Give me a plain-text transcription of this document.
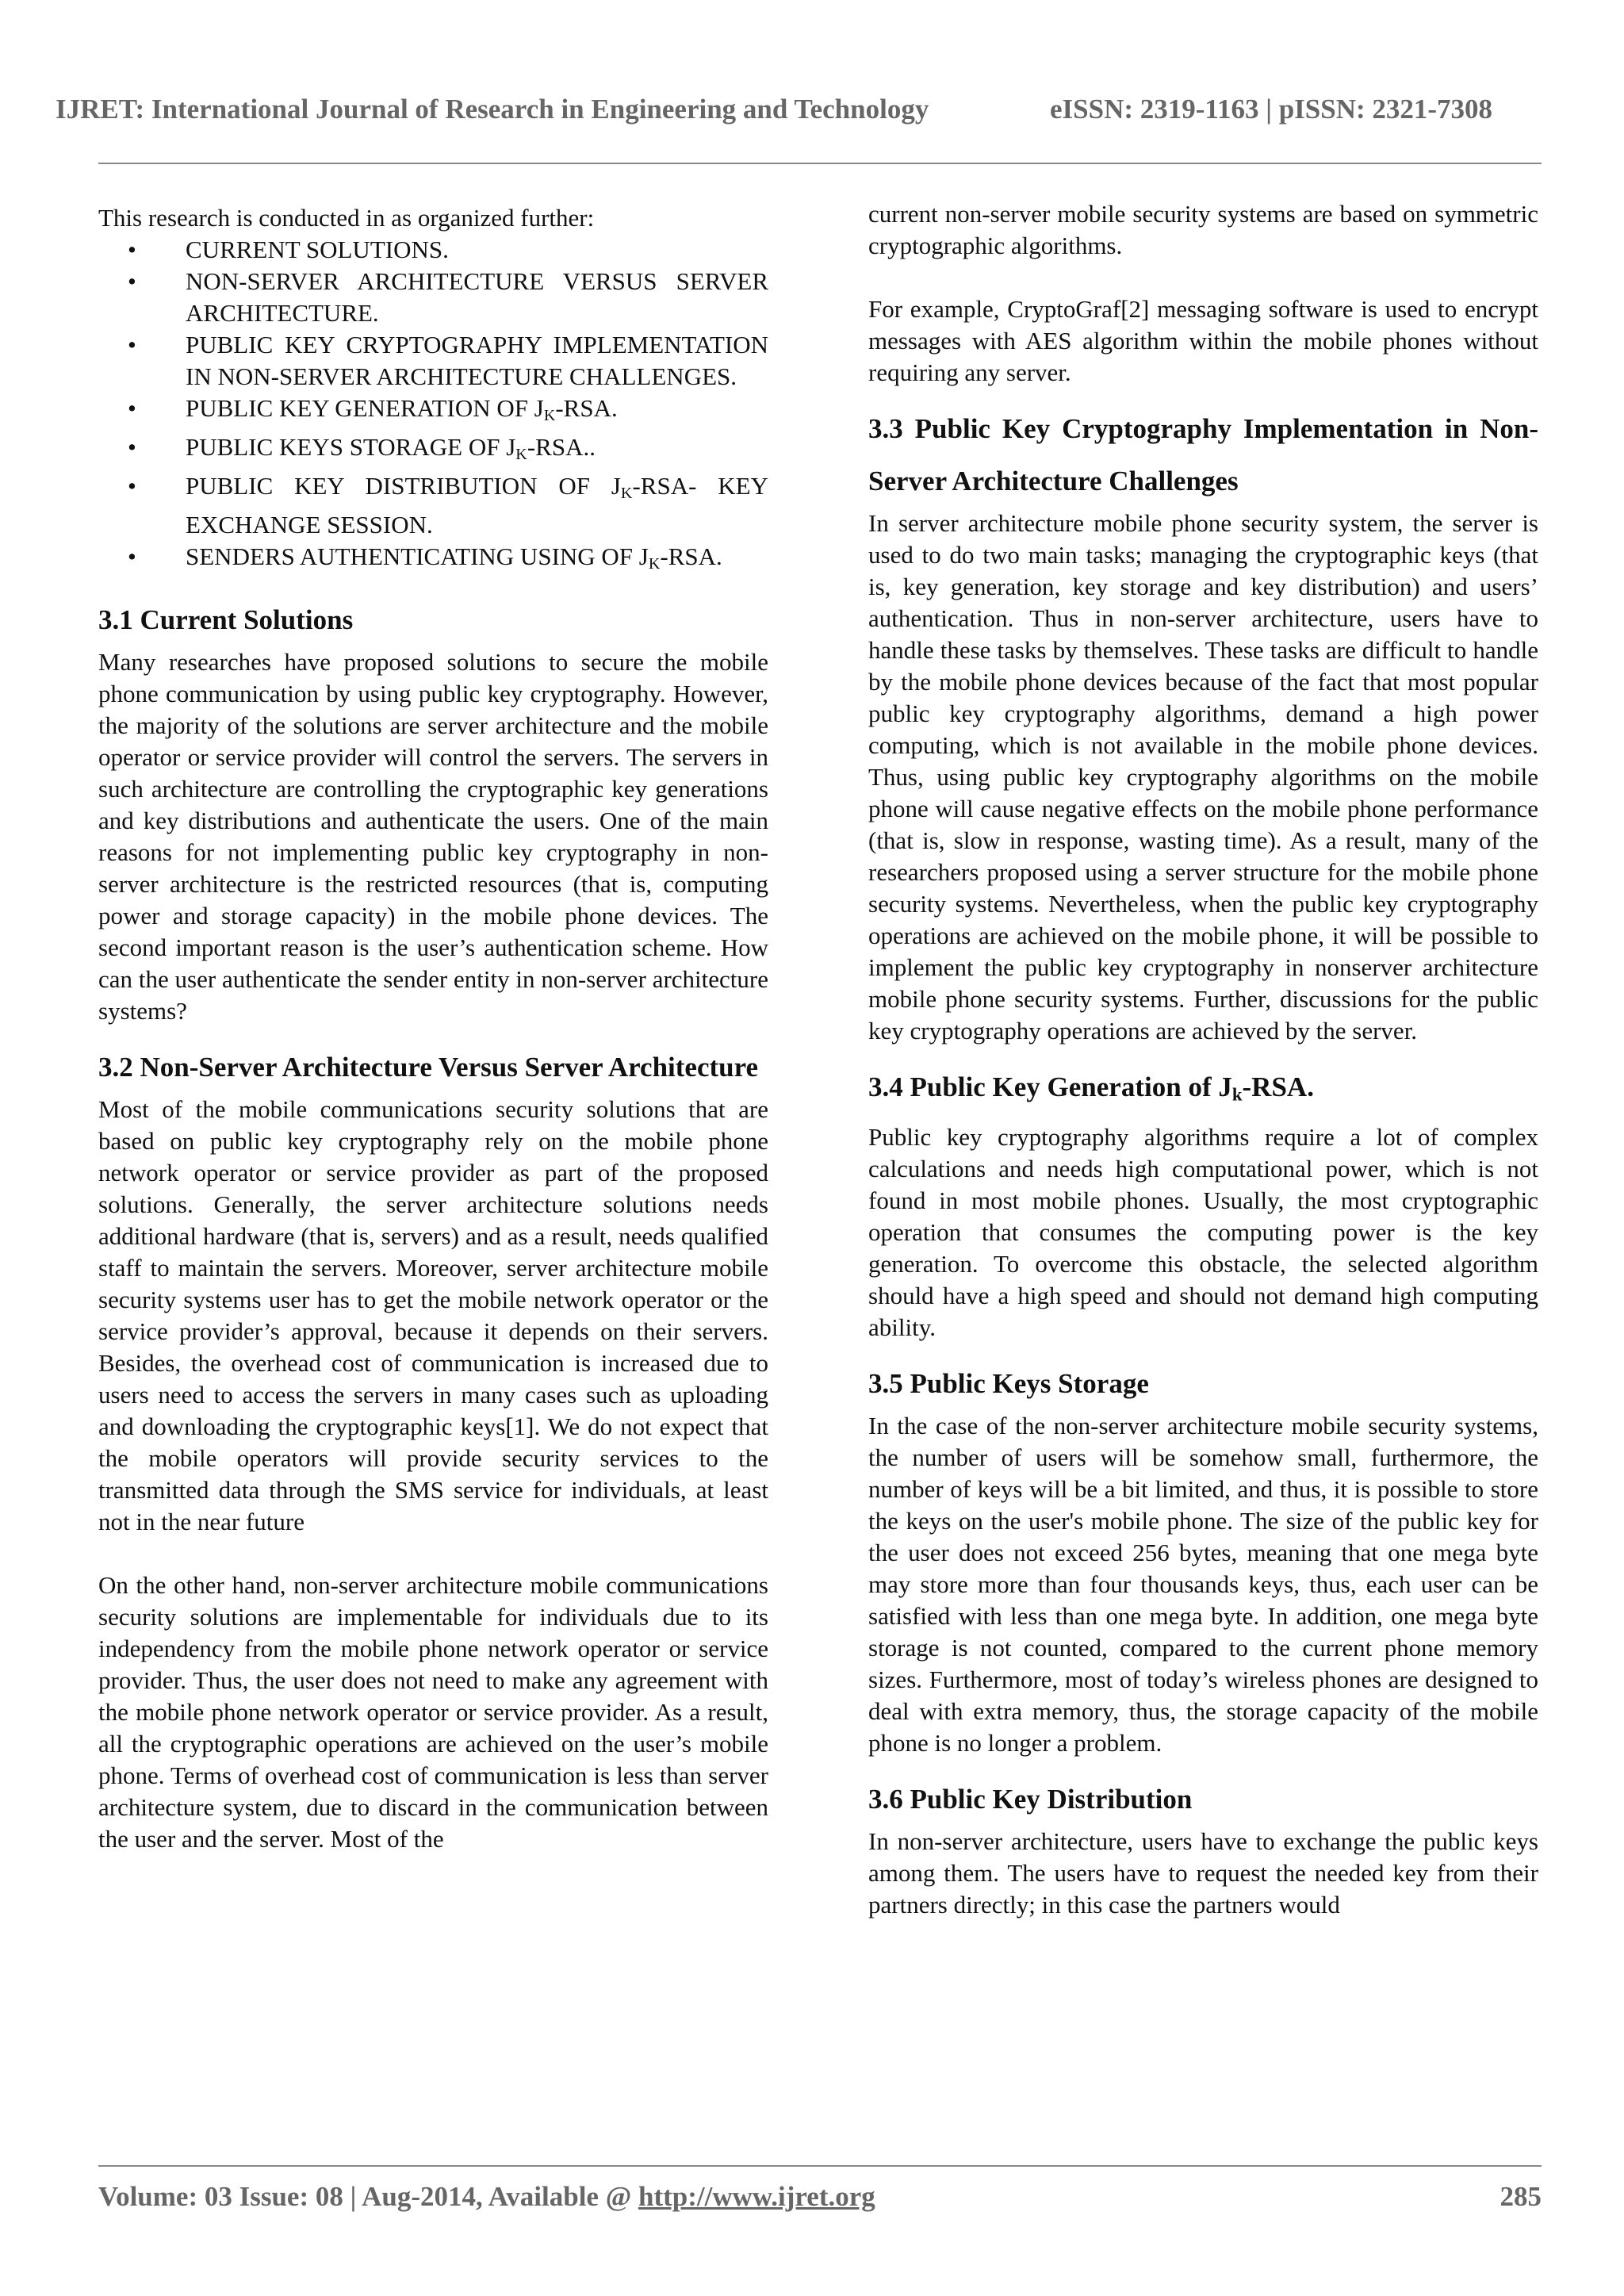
IJRET: International Journal of Research in Engineering and Technology	eISSN: 2319-1163 | pISSN: 2321-7308

This research is conducted in as organized further:

• CURRENT SOLUTIONS.
• NON-SERVER ARCHITECTURE VERSUS SERVER ARCHITECTURE.
• PUBLIC KEY CRYPTOGRAPHY IMPLEMENTATION IN NON-SERVER ARCHITECTURE CHALLENGES.
• PUBLIC KEY GENERATION OF $J_K$-RSA.
• PUBLIC KEYS STORAGE OF $J_K$-RSA..
• PUBLIC KEY DISTRIBUTION OF $J_K-RSA-$ KEY EXCHANGE SESSION.
• SENDERS AUTHENTICATING USING OF $J_K$-RSA.
3.1 Current Solutions

Many researches have proposed solutions to secure the mobile phone communication by using public key cryptography. However, the majority of the solutions are server architecture and the mobile operator or service provider will control the servers. The servers in such architecture are controlling the cryptographic key generations and key distributions and authenticate the users. One of the main reasons for not implementing public key cryptography in non-server architecture is the restricted resources (that is, computing power and storage capacity) in the mobile phone devices. The second important reason is the user’s authentication scheme. How can the user authenticate the sender entity in non-server architecture systems?

3.2 Non-Server Architecture Versus Server Architecture

Most of the mobile communications security solutions that are based on public key cryptography rely on the mobile phone network operator or service provider as part of the proposed solutions. Generally, the server architecture solutions needs additional hardware (that is, servers) and as a result, needs qualified staff to maintain the servers. Moreover, server architecture mobile security systems user has to get the mobile network operator or the service provider’s approval, because it depends on their servers. Besides, the overhead cost of communication is increased due to users need to access the servers in many cases such as uploading and downloading the cryptographic keys[1]. We do not expect that the mobile operators will provide security services to the transmitted data through the SMS service for individuals, at least not in the near future

On the other hand, non-server architecture mobile communications security solutions are implementable for individuals due to its independency from the mobile phone network operator or service provider. Thus, the user does not need to make any agreement with the mobile phone network operator or service provider. As a result, all the cryptographic operations are achieved on the user’s mobile phone. Terms of overhead cost of communication is less than server architecture system, due to discard in the communication between the user and the server. Most of the

current non-server mobile security systems are based on symmetric cryptographic algorithms.

For example, CryptoGraf[2] messaging software is used to encrypt messages with AES algorithm within the mobile phones without requiring any server.

3.3 Public Key Cryptography Implementation in Non-Server Architecture Challenges

In server architecture mobile phone security system, the server is used to do two main tasks; managing the cryptographic keys (that is, key generation, key storage and key distribution) and users’ authentication. Thus in non-server architecture, users have to handle these tasks by themselves. These tasks are difficult to handle by the mobile phone devices because of the fact that most popular public key cryptography algorithms, demand a high power computing, which is not available in the mobile phone devices. Thus, using public key cryptography algorithms on the mobile phone will cause negative effects on the mobile phone performance (that is, slow in response, wasting time). As a result, many of the researchers proposed using a server structure for the mobile phone security systems. Nevertheless, when the public key cryptography operations are achieved on the mobile phone, it will be possible to implement the public key cryptography in nonserver architecture mobile phone security systems. Further, discussions for the public key cryptography operations are achieved by the server.

3.4 Public Key Generation of $J_k$-RSA.

Public key cryptography algorithms require a lot of complex calculations and needs high computational power, which is not found in most mobile phones. Usually, the most cryptographic operation that consumes the computing power is the key generation. To overcome this obstacle, the selected algorithm should have a high speed and should not demand high computing ability.

3.5 Public Keys Storage

In the case of the non-server architecture mobile security systems, the number of users will be somehow small, furthermore, the number of keys will be a bit limited, and thus, it is possible to store the keys on the user's mobile phone. The size of the public key for the user does not exceed 256 bytes, meaning that one mega byte may store more than four thousands keys, thus, each user can be satisfied with less than one mega byte. In addition, one mega byte storage is not counted, compared to the current phone memory sizes. Furthermore, most of today’s wireless phones are designed to deal with extra memory, thus, the storage capacity of the mobile phone is no longer a problem.

3.6 Public Key Distribution

In non-server architecture, users have to exchange the public keys among them. The users have to request the needed key from their partners directly; in this case the partners would

Volume: 03 Issue: 08 | Aug-2014, Available @ http://www.ijret.org	285
